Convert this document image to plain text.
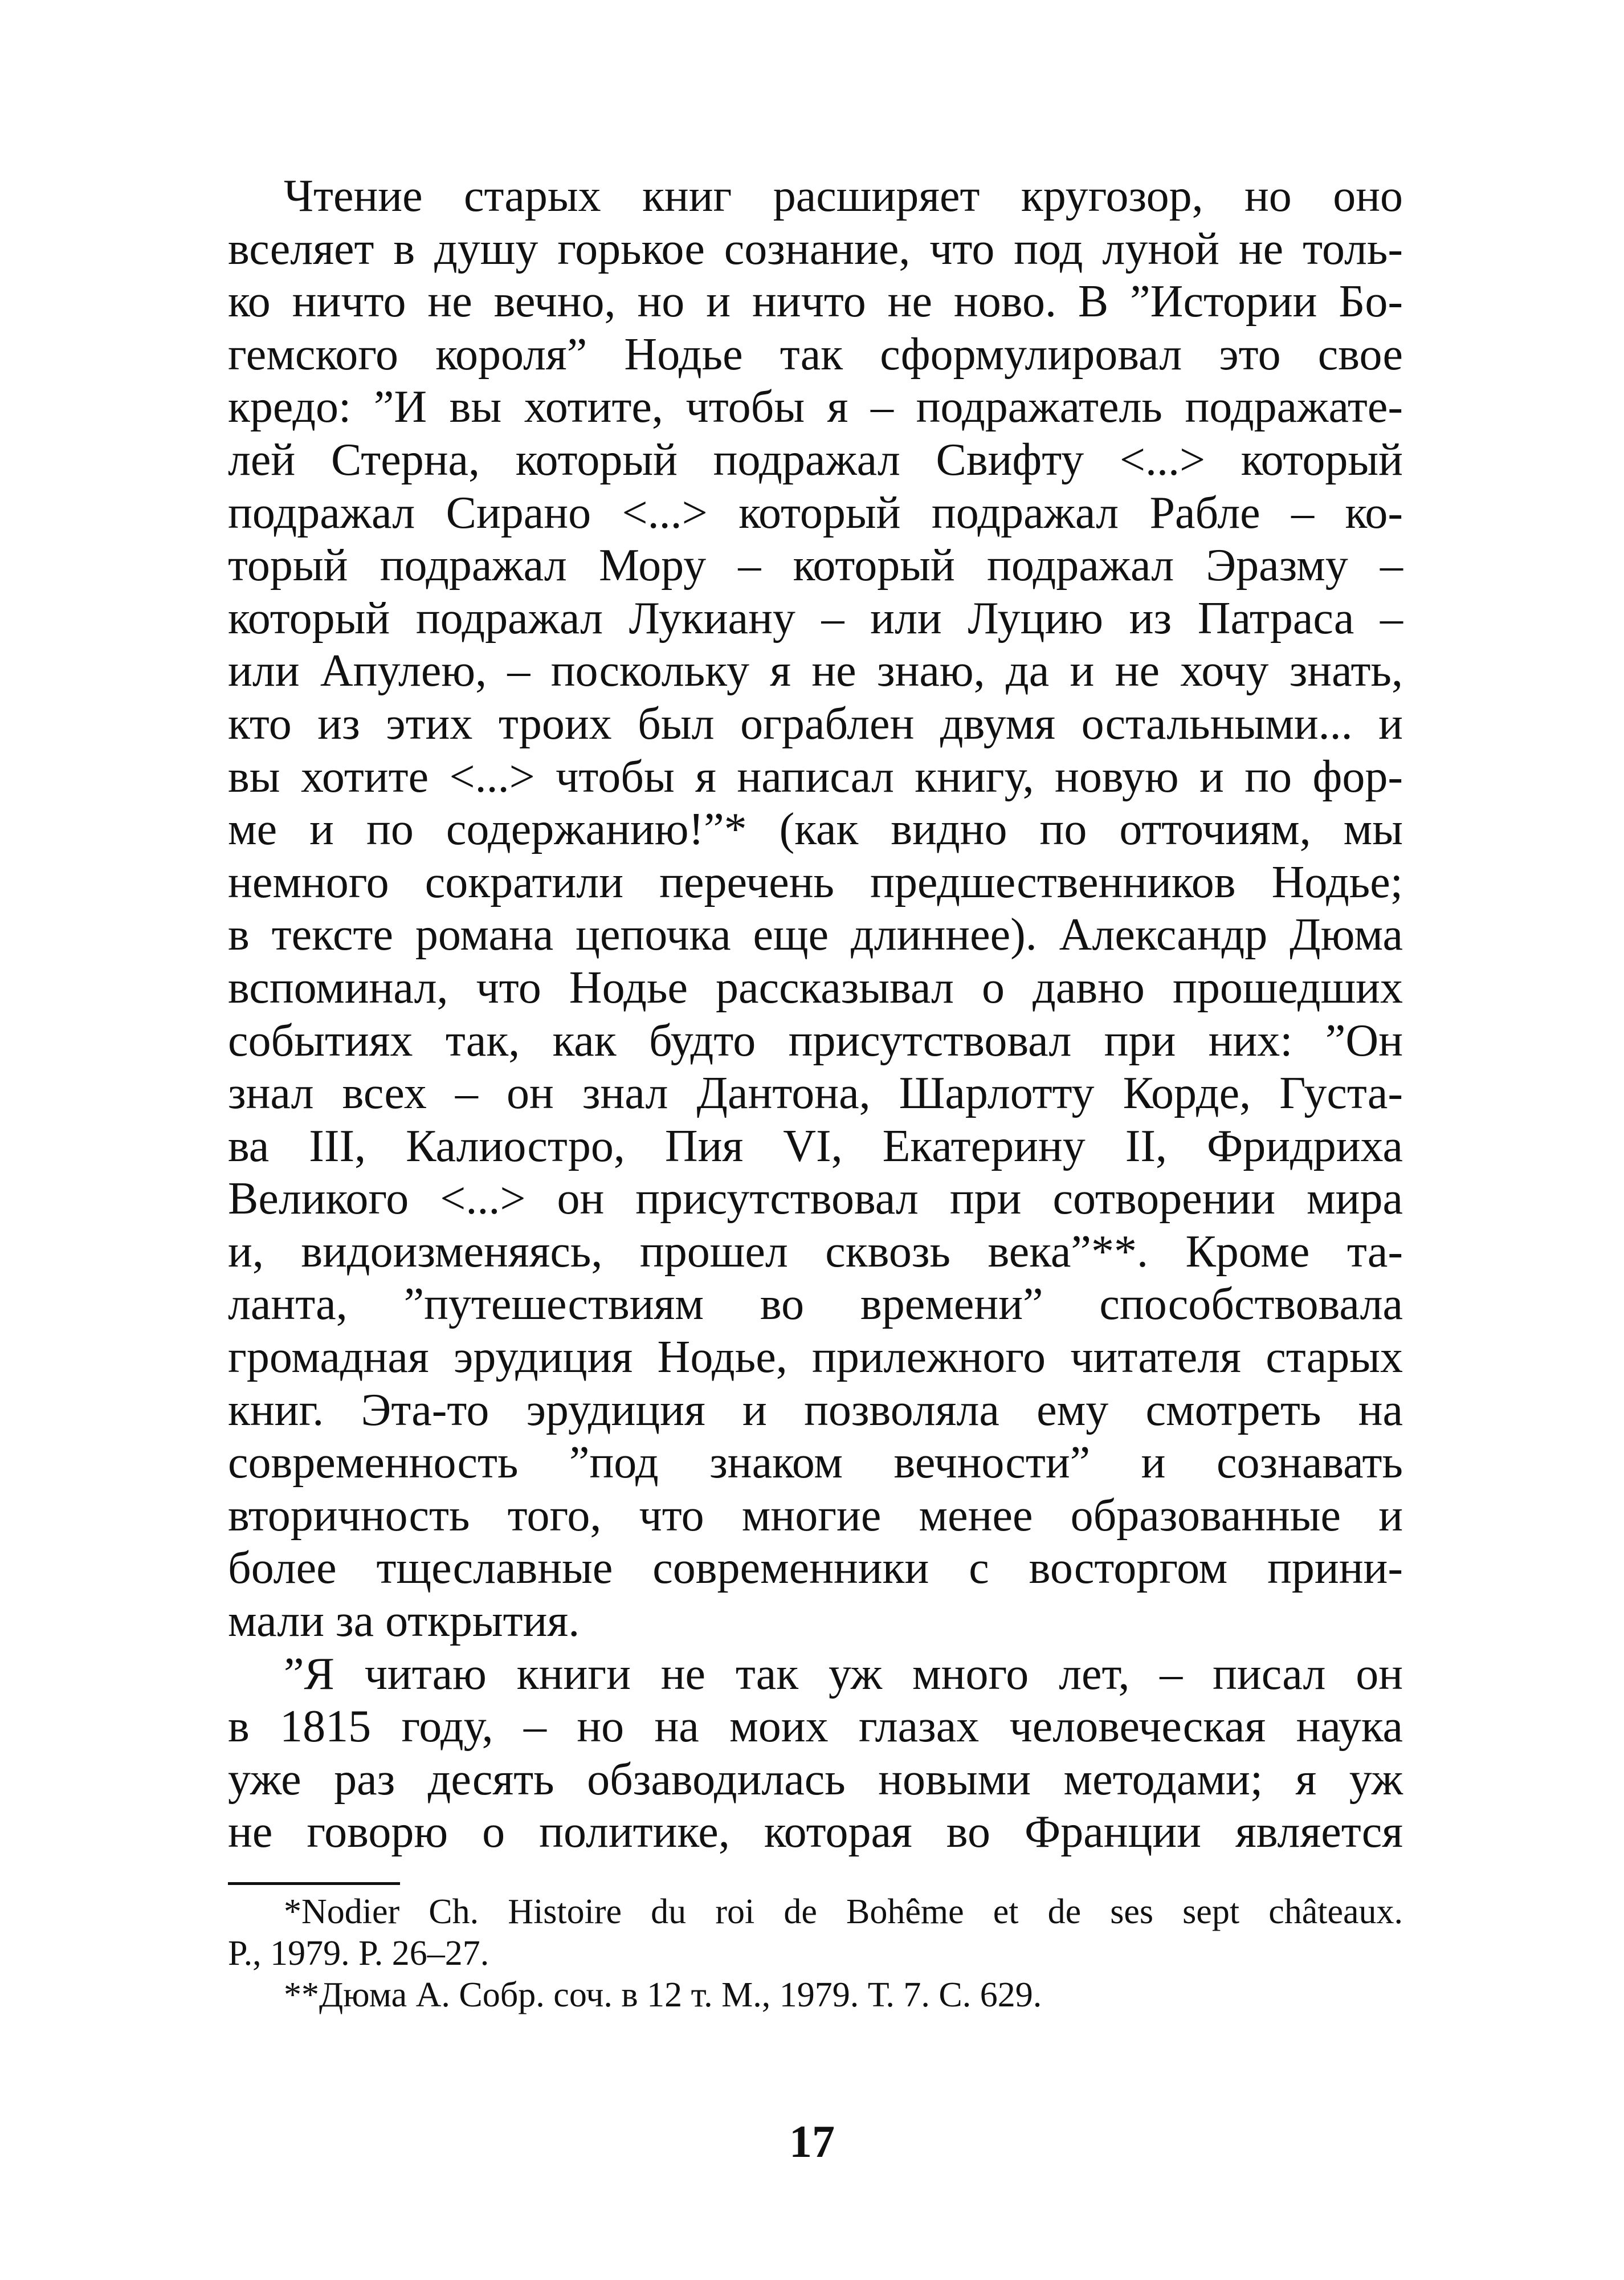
Чтение старых книг расширяет кругозор, но оно
вселяет в душу горькое сознание, что под луной не толь-
ко ничто не вечно, но и ничто не ново. В ”Истории Бо-
гемского короля” Нодье так сформулировал это свое
кредо: ”И вы хотите, чтобы я – подражатель подражате-
лей Стерна, который подражал Свифту <...> который
подражал Сирано <...> который подражал Рабле – ко-
торый подражал Мору – который подражал Эразму –
который подражал Лукиану – или Луцию из Патраса –
или Апулею, – поскольку я не знаю, да и не хочу знать,
кто из этих троих был ограблен двумя остальными... и
вы хотите <...> чтобы я написал книгу, новую и по фор-
ме и по содержанию!”* (как видно по отточиям, мы
немного сократили перечень предшественников Нодье;
в тексте романа цепочка еще длиннее). Александр Дюма
вспоминал, что Нодье рассказывал о давно прошедших
событиях так, как будто присутствовал при них: ”Он
знал всех – он знал Дантона, Шарлотту Корде, Густа-
ва III, Калиостро, Пия VI, Екатерину II, Фридриха
Великого <...> он присутствовал при сотворении мира
и, видоизменяясь, прошел сквозь века”**. Кроме та-
ланта, ”путешествиям во времени” способствовала
громадная эрудиция Нодье, прилежного читателя старых
книг. Эта-то эрудиция и позволяла ему смотреть на
современность ”под знаком вечности” и сознавать
вторичность того, что многие менее образованные и
более тщеславные современники с восторгом прини-
мали за открытия.
”Я читаю книги не так уж много лет, – писал он
в 1815 году, – но на моих глазах человеческая наука
уже раз десять обзаводилась новыми методами; я уж
не говорю о политике, которая во Франции является
*Nodier Ch. Histoire du roi de Bohême et de ses sept châteaux.
P., 1979. P. 26–27.
**Дюма А. Собр. соч. в 12 т. М., 1979. Т. 7. С. 629.
17
